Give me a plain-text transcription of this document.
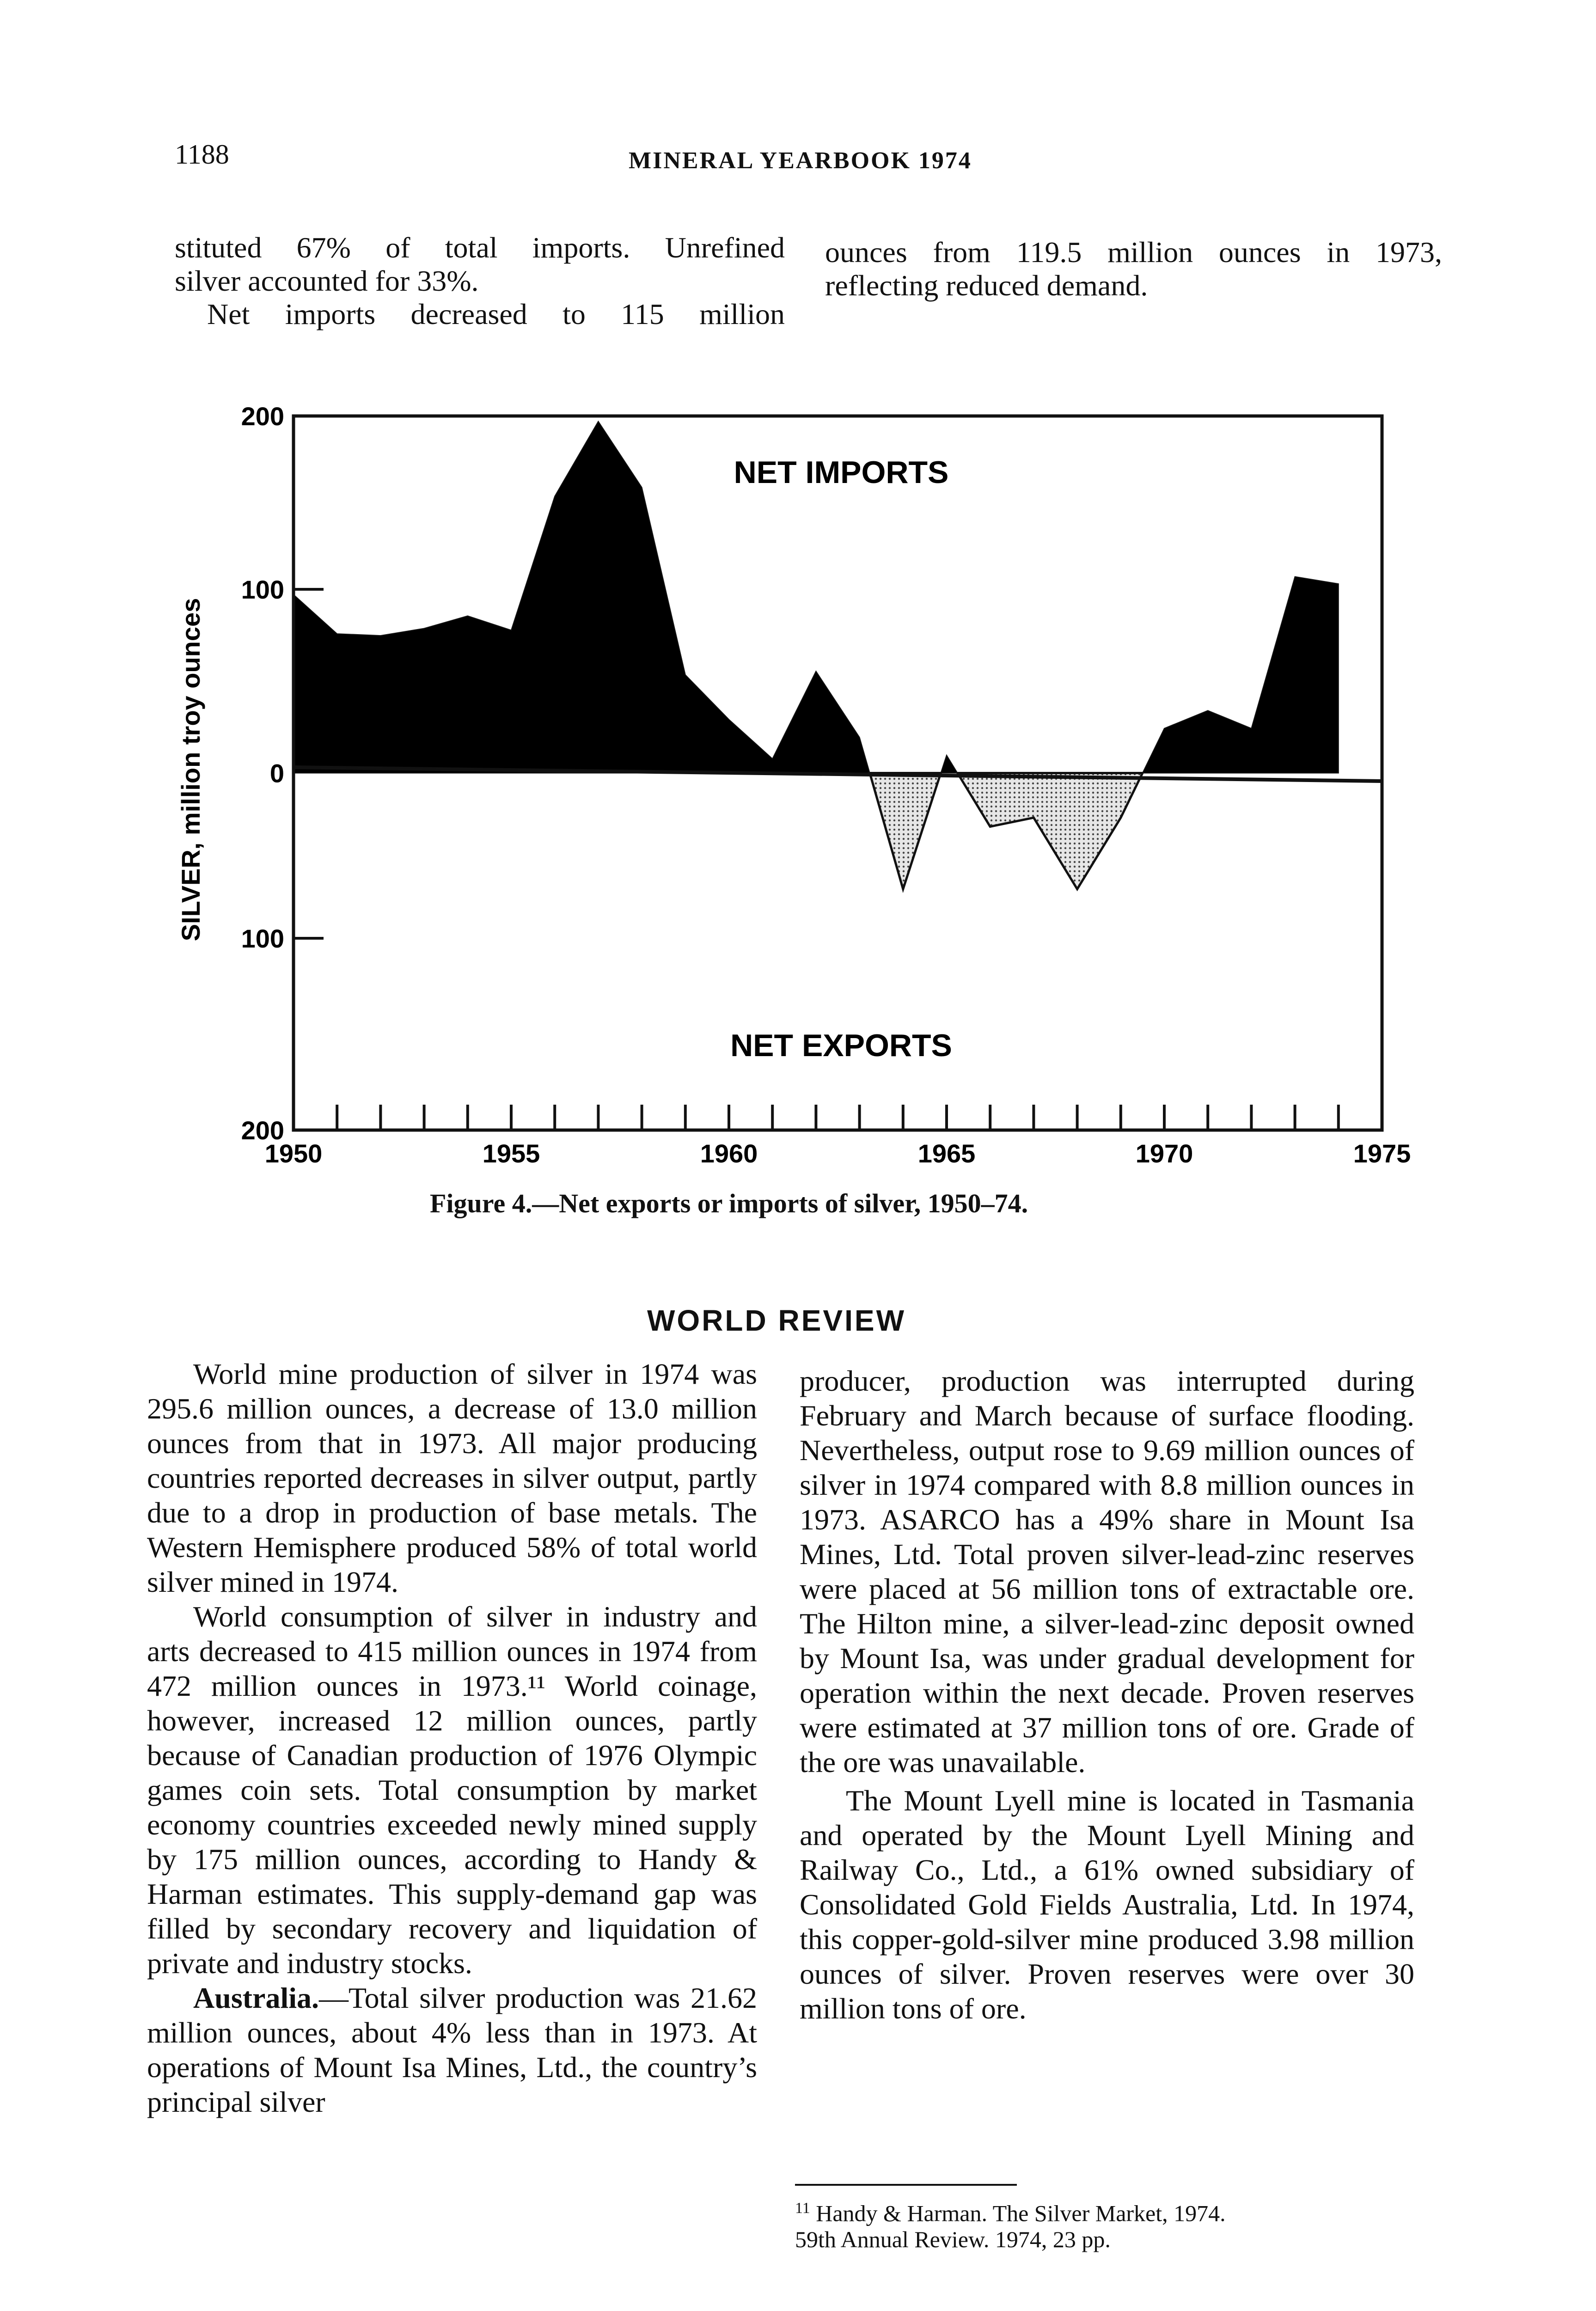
1188	MINERAL YEARBOOK 1974
stituted 67% of total imports. Unrefined
silver accounted for 33%.
Net imports decreased to 115 million
ounces from 119.5 million ounces in 1973,
reflecting reduced demand.
SILVER, million troy ounces
NET IMPORTS
NET EXPORTS
200
100
0
100
200
1950	1955	1960	1965	1970	1975
Figure 4.—Net exports or imports of silver, 1950–74.
WORLD REVIEW

World mine production of silver in 1974 was 295.6 million ounces, a decrease of 13.0 million ounces from that in 1973. All major producing countries reported decreases in silver output, partly due to a drop in production of base metals. The Western Hemisphere produced 58% of total world silver mined in 1974.

World consumption of silver in industry and arts decreased to 415 million ounces in 1974 from 472 million ounces in 1973.¹¹ World coinage, however, increased 12 million ounces, partly because of Canadian production of 1976 Olympic games coin sets. Total consumption by market economy countries exceeded newly mined supply by 175 million ounces, according to Handy & Harman estimates. This supply-demand gap was filled by secondary recovery and liquidation of private and industry stocks.

Australia.—Total silver production was 21.62 million ounces, about 4% less than in 1973. At operations of Mount Isa Mines, Ltd., the country’s principal silver

producer, production was interrupted during February and March because of surface flooding. Nevertheless, output rose to 9.69 million ounces of silver in 1974 compared with 8.8 million ounces in 1973. ASARCO has a 49% share in Mount Isa Mines, Ltd. Total proven silver-lead-zinc reserves were placed at 56 million tons of extractable ore. The Hilton mine, a silver-lead-zinc deposit owned by Mount Isa, was under gradual development for operation within the next decade. Proven reserves were estimated at 37 million tons of ore. Grade of the ore was unavailable.

The Mount Lyell mine is located in Tasmania and operated by the Mount Lyell Mining and Railway Co., Ltd., a 61% owned subsidiary of Consolidated Gold Fields Australia, Ltd. In 1974, this copper-gold-silver mine produced 3.98 million ounces of silver. Proven reserves were over 30 million tons of ore.

$^{11}$ Handy & Harman. The Silver Market, 1974.
59th Annual Review. 1974, 23 pp.
